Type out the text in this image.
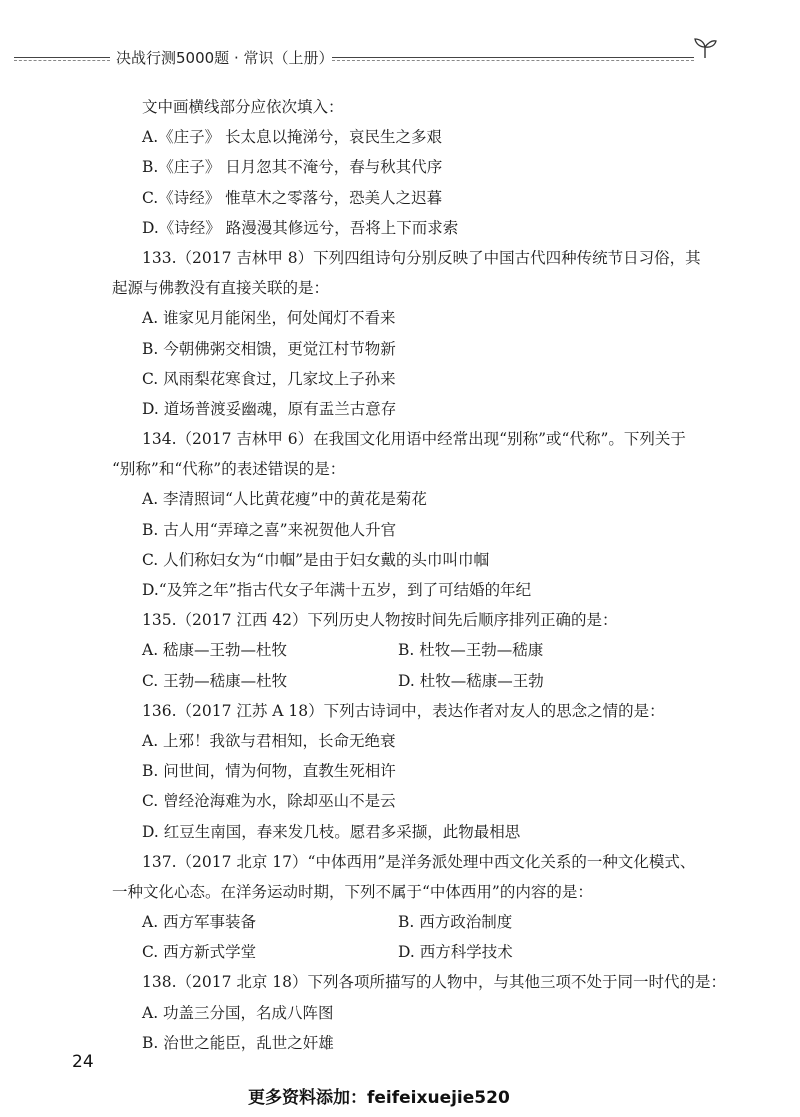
决战行测5000题 · 常识（上册）
文中画横线部分应依次填入：
A.《庄子》 长太息以掩涕兮，哀民生之多艰
B.《庄子》 日月忽其不淹兮，春与秋其代序
C.《诗经》 惟草木之零落兮，恐美人之迟暮
D.《诗经》 路漫漫其修远兮，吾将上下而求索
133.（2017 吉林甲 8）下列四组诗句分别反映了中国古代四种传统节日习俗，其
起源与佛教没有直接关联的是：
A. 谁家见月能闲坐，何处闻灯不看来
B. 今朝佛粥交相馈，更觉江村节物新
C. 风雨梨花寒食过，几家坟上子孙来
D. 道场普渡妥幽魂，原有盂兰古意存
134.（2017 吉林甲 6）在我国文化用语中经常出现“别称”或“代称”。下列关于
“别称”和“代称”的表述错误的是：
A. 李清照词“人比黄花瘦”中的黄花是菊花
B. 古人用“弄璋之喜”来祝贺他人升官
C. 人们称妇女为“巾帼”是由于妇女戴的头巾叫巾帼
D.“及笄之年”指古代女子年满十五岁，到了可结婚的年纪
135.（2017 江西 42）下列历史人物按时间先后顺序排列正确的是：
A. 嵇康—王勃—杜牧	B. 杜牧—王勃—嵇康
C. 王勃—嵇康—杜牧	D. 杜牧—嵇康—王勃
136.（2017 江苏 A 18）下列古诗词中，表达作者对友人的思念之情的是：
A. 上邪！我欲与君相知，长命无绝衰
B. 问世间，情为何物，直教生死相许
C. 曾经沧海难为水，除却巫山不是云
D. 红豆生南国，春来发几枝。愿君多采撷，此物最相思
137.（2017 北京 17）“中体西用”是洋务派处理中西文化关系的一种文化模式、
一种文化心态。在洋务运动时期，下列不属于“中体西用”的内容的是：
A. 西方军事装备	B. 西方政治制度
C. 西方新式学堂	D. 西方科学技术
138.（2017 北京 18）下列各项所描写的人物中，与其他三项不处于同一时代的是：
A. 功盖三分国，名成八阵图
B. 治世之能臣，乱世之奸雄
24
更多资料添加：feifeixuejie520
